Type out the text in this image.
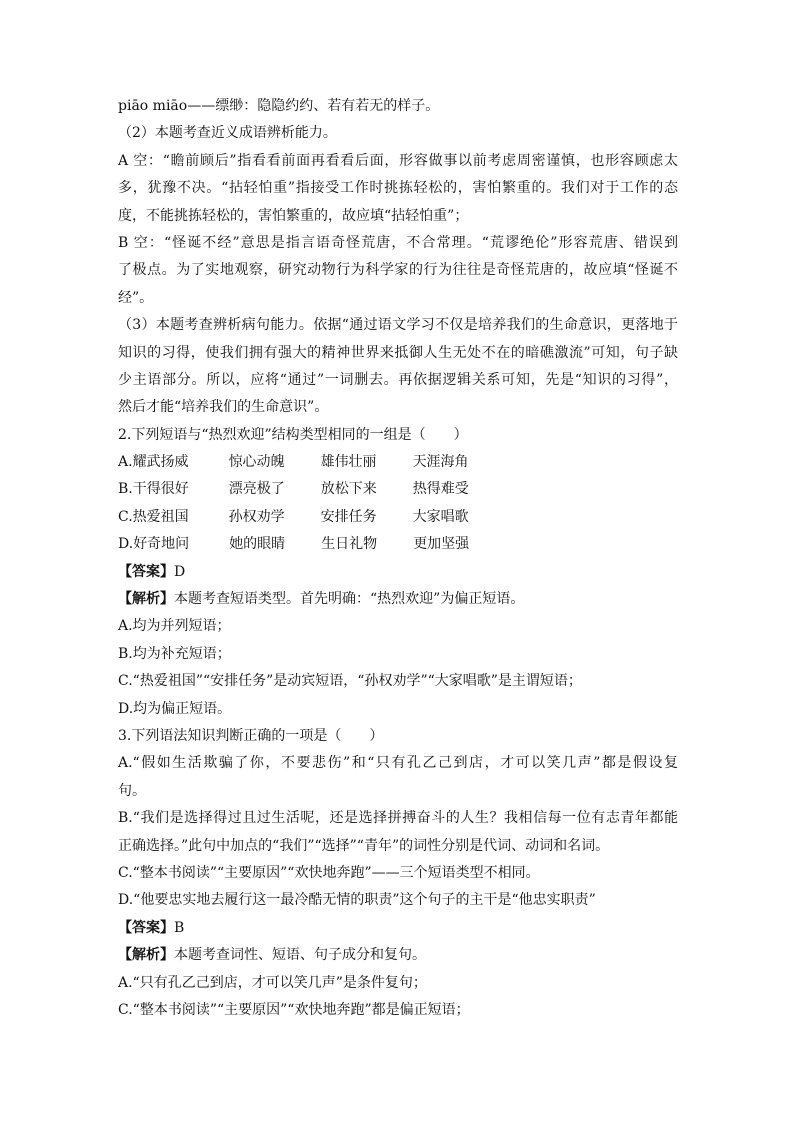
piāo miāo——缥缈：隐隐约约、若有若无的样子。
（2）本题考查近义成语辨析能力。
A 空：“瞻前顾后”指看看前面再看看后面，形容做事以前考虑周密谨慎，也形容顾虑太
多，犹豫不决。“拈轻怕重”指接受工作时挑拣轻松的，害怕繁重的。我们对于工作的态
度，不能挑拣轻松的，害怕繁重的，故应填“拈轻怕重”；
B 空：“怪诞不经”意思是指言语奇怪荒唐，不合常理。“荒谬绝伦”形容荒唐、错误到
了极点。为了实地观察，研究动物行为科学家的行为往往是奇怪荒唐的，故应填“怪诞不
经”。
（3）本题考查辨析病句能力。依据“通过语文学习不仅是培养我们的生命意识，更落地于
知识的习得，使我们拥有强大的精神世界来抵御人生无处不在的暗礁激流”可知，句子缺
少主语部分。所以，应将“通过”一词删去。再依据逻辑关系可知，先是“知识的习得”，
然后才能“培养我们的生命意识”。
2.下列短语与“热烈欢迎”结构类型相同的一组是（　　）
A. 耀武扬威	惊心动魄	雄伟壮丽	天涯海角
B. 干得很好	漂亮极了	放松下来	热得难受
C. 热爱祖国	孙权劝学	安排任务	大家唱歌
D. 好奇地问	她的眼睛	生日礼物	更加坚强
【答案】D
【解析】本题考查短语类型。首先明确：“热烈欢迎”为偏正短语。
A.均为并列短语；
B.均为补充短语；
C.“热爱祖国”“安排任务”是动宾短语，“孙权劝学”“大家唱歌”是主谓短语；
D.均为偏正短语。
3.下列语法知识判断正确的一项是（　　）
A.“假如生活欺骗了你，不要悲伤”和“只有孔乙己到店，才可以笑几声”都是假设复
句。
B.“我们是选择得过且过生活呢，还是选择拼搏奋斗的人生？我相信每一位有志青年都能
正确选择。”此句中加点的“我们”“选择”“青年”的词性分别是代词、动词和名词。
C.“整本书阅读”“主要原因”“欢快地奔跑”——三个短语类型不相同。
D.“他要忠实地去履行这一最冷酷无情的职责”这个句子的主干是“他忠实职责”
【答案】B
【解析】本题考查词性、短语、句子成分和复句。
A.“只有孔乙己到店，才可以笑几声”是条件复句；
C.“整本书阅读”“主要原因”“欢快地奔跑”都是偏正短语；
